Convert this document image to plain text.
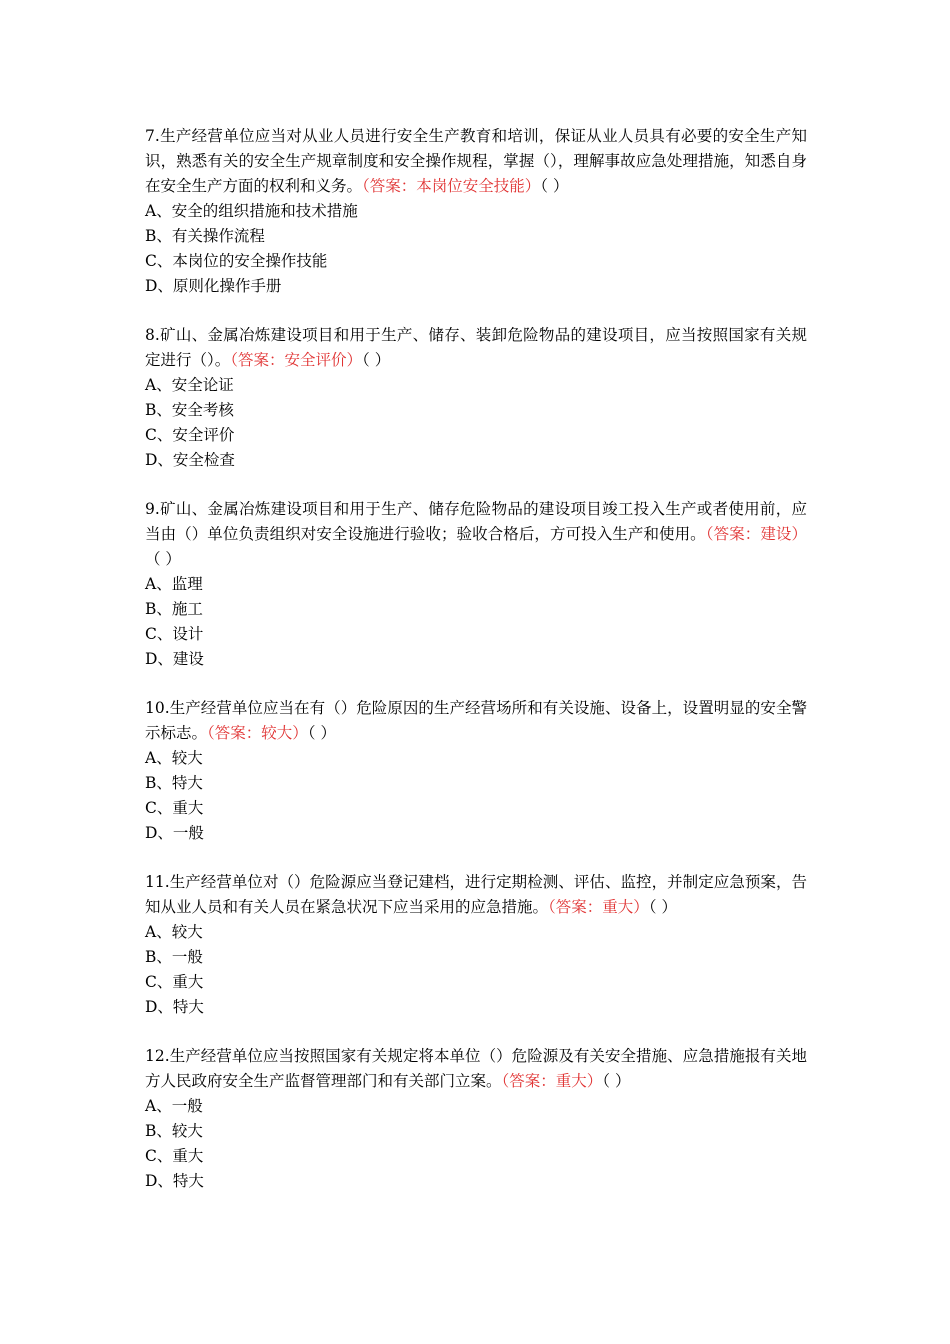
7.生产经营单位应当对从业人员进行安全生产教育和培训，保证从业人员具有必要的安全生产知识，熟悉有关的安全生产规章制度和安全操作规程，掌握（），理解事故应急处理措施，知悉自身在安全生产方面的权利和义务。（答案：本岗位安全技能）（ ）

A、安全的组织措施和技术措施
B、有关操作流程
C、本岗位的安全操作技能
D、原则化操作手册

8.矿山、金属冶炼建设项目和用于生产、储存、装卸危险物品的建设项目，应当按照国家有关规定进行（）。（答案：安全评价）（ ）

A、安全论证
B、安全考核
C、安全评价
D、安全检查

9.矿山、金属冶炼建设项目和用于生产、储存危险物品的建设项目竣工投入生产或者使用前，应当由（）单位负责组织对安全设施进行验收；验收合格后，方可投入生产和使用。（答案：建设）（ ）

A、监理
B、施工
C、设计
D、建设

10.生产经营单位应当在有（）危险原因的生产经营场所和有关设施、设备上，设置明显的安全警示标志。（答案：较大）（ ）

A、较大
B、特大
C、重大
D、一般

11.生产经营单位对（）危险源应当登记建档，进行定期检测、评估、监控，并制定应急预案，告知从业人员和有关人员在紧急状况下应当采用的应急措施。（答案：重大）（ ）

A、较大
B、一般
C、重大
D、特大

12.生产经营单位应当按照国家有关规定将本单位（）危险源及有关安全措施、应急措施报有关地方人民政府安全生产监督管理部门和有关部门立案。（答案：重大）（ ）

A、一般
B、较大
C、重大
D、特大
